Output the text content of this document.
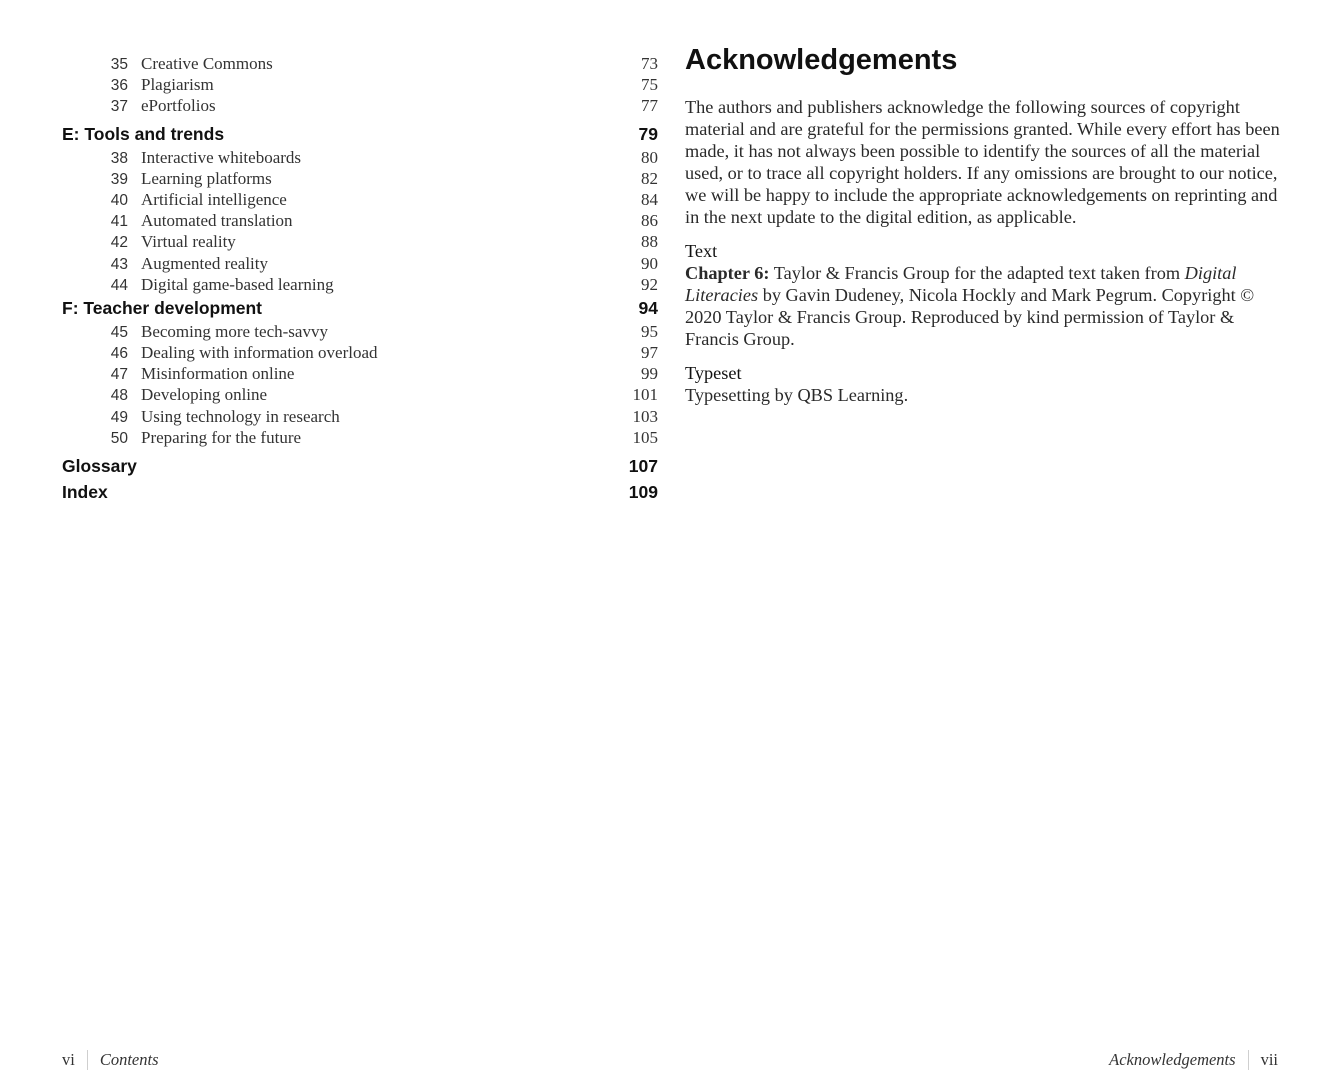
35 Creative Commons	73
36 Plagiarism	75
37 ePortfolios	77
E: Tools and trends	79
38 Interactive whiteboards	80
39 Learning platforms	82
40 Artificial intelligence	84
41 Automated translation	86
42 Virtual reality	88
43 Augmented reality	90
44 Digital game-based learning	92
F: Teacher development	94
45 Becoming more tech-savvy	95
46 Dealing with information overload	97
47 Misinformation online	99
48 Developing online	101
49 Using technology in research	103
50 Preparing for the future	105
Glossary	107
Index	109
vi	Contents
Acknowledgements

The authors and publishers acknowledge the following sources of copyright material and are grateful for the permissions granted. While every effort has been made, it has not always been possible to identify the sources of all the material used, or to trace all copyright holders. If any omissions are brought to our notice, we will be happy to include the appropriate acknowledgements on reprinting and in the next update to the digital edition, as applicable.

Text

Chapter 6: Taylor & Francis Group for the adapted text taken from Digital Literacies by Gavin Dudeney, Nicola Hockly and Mark Pegrum. Copyright © 2020 Taylor & Francis Group. Reproduced by kind permission of Taylor & Francis Group.

Typeset

Typesetting by QBS Learning.

Acknowledgements	vii
